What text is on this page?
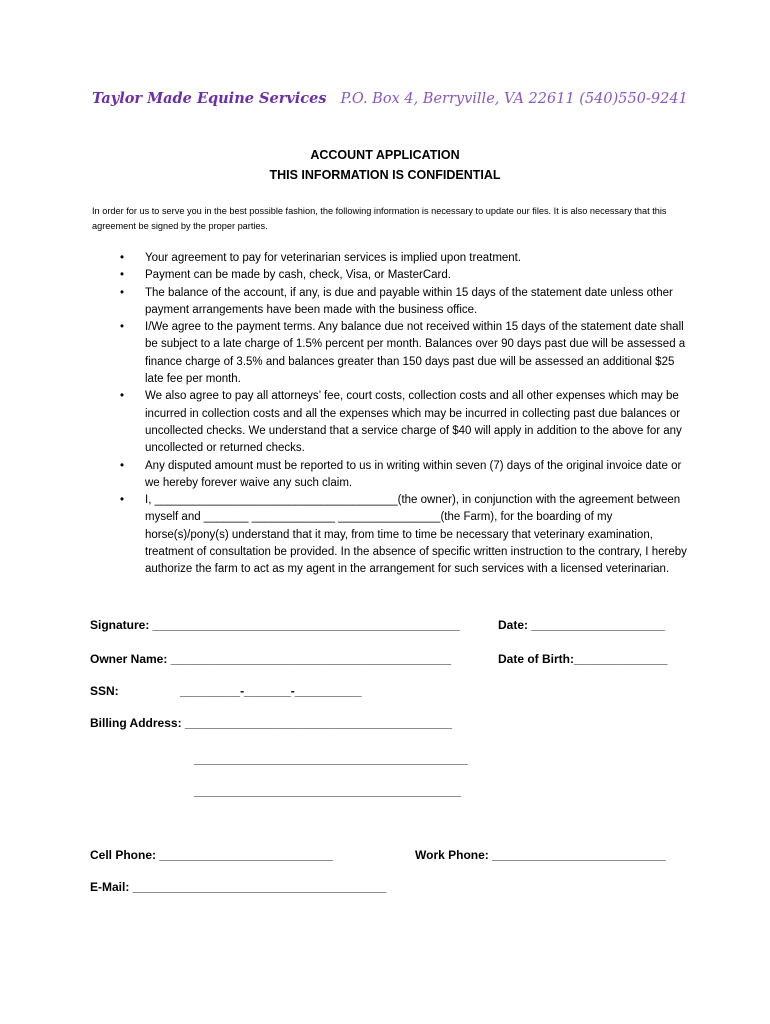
Taylor Made Equine Services P.O. Box 4, Berryville, VA 22611 (540)550-9241
ACCOUNT APPLICATION
THIS INFORMATION IS CONFIDENTIAL
In order for us to serve you in the best possible fashion, the following information is necessary to update our files. It is also necessary that this agreement be signed by the proper parties.
• Your agreement to pay for veterinarian services is implied upon treatment.
• Payment can be made by cash, check, Visa, or MasterCard.
• The balance of the account, if any, is due and payable within 15 days of the statement date unless other payment arrangements have been made with the business office.
• I/We agree to the payment terms. Any balance due not received within 15 days of the statement date shall be subject to a late charge of 1.5% percent per month. Balances over 90 days past due will be assessed a finance charge of 3.5% and balances greater than 150 days past due will be assessed an additional $25 late fee per month.
• We also agree to pay all attorneys’ fee, court costs, collection costs and all other expenses which may be incurred in collection costs and all the expenses which may be incurred in collecting past due balances or uncollected checks. We understand that a service charge of $40 will apply in addition to the above for any uncollected or returned checks.
• Any disputed amount must be reported to us in writing within seven (7) days of the original invoice date or we hereby forever waive any such claim.
• I, ______________________________________(the owner), in conjunction with the agreement between myself and _______ _____________ ________________(the Farm), for the boarding of my horse(s)/pony(s) understand that it may, from time to time be necessary that veterinary examination, treatment of consultation be provided. In the absence of specific written instruction to the contrary, I hereby authorize the farm to act as my agent in the arrangement for such services with a licensed veterinarian.
Signature: ______________________________________________	Date: ____________________
Owner Name: __________________________________________	Date of Birth:______________
SSN:	_________-_______-__________
Billing Address: ________________________________________
_________________________________________
________________________________________
Cell Phone: __________________________	Work Phone: __________________________
E-Mail: ______________________________________
